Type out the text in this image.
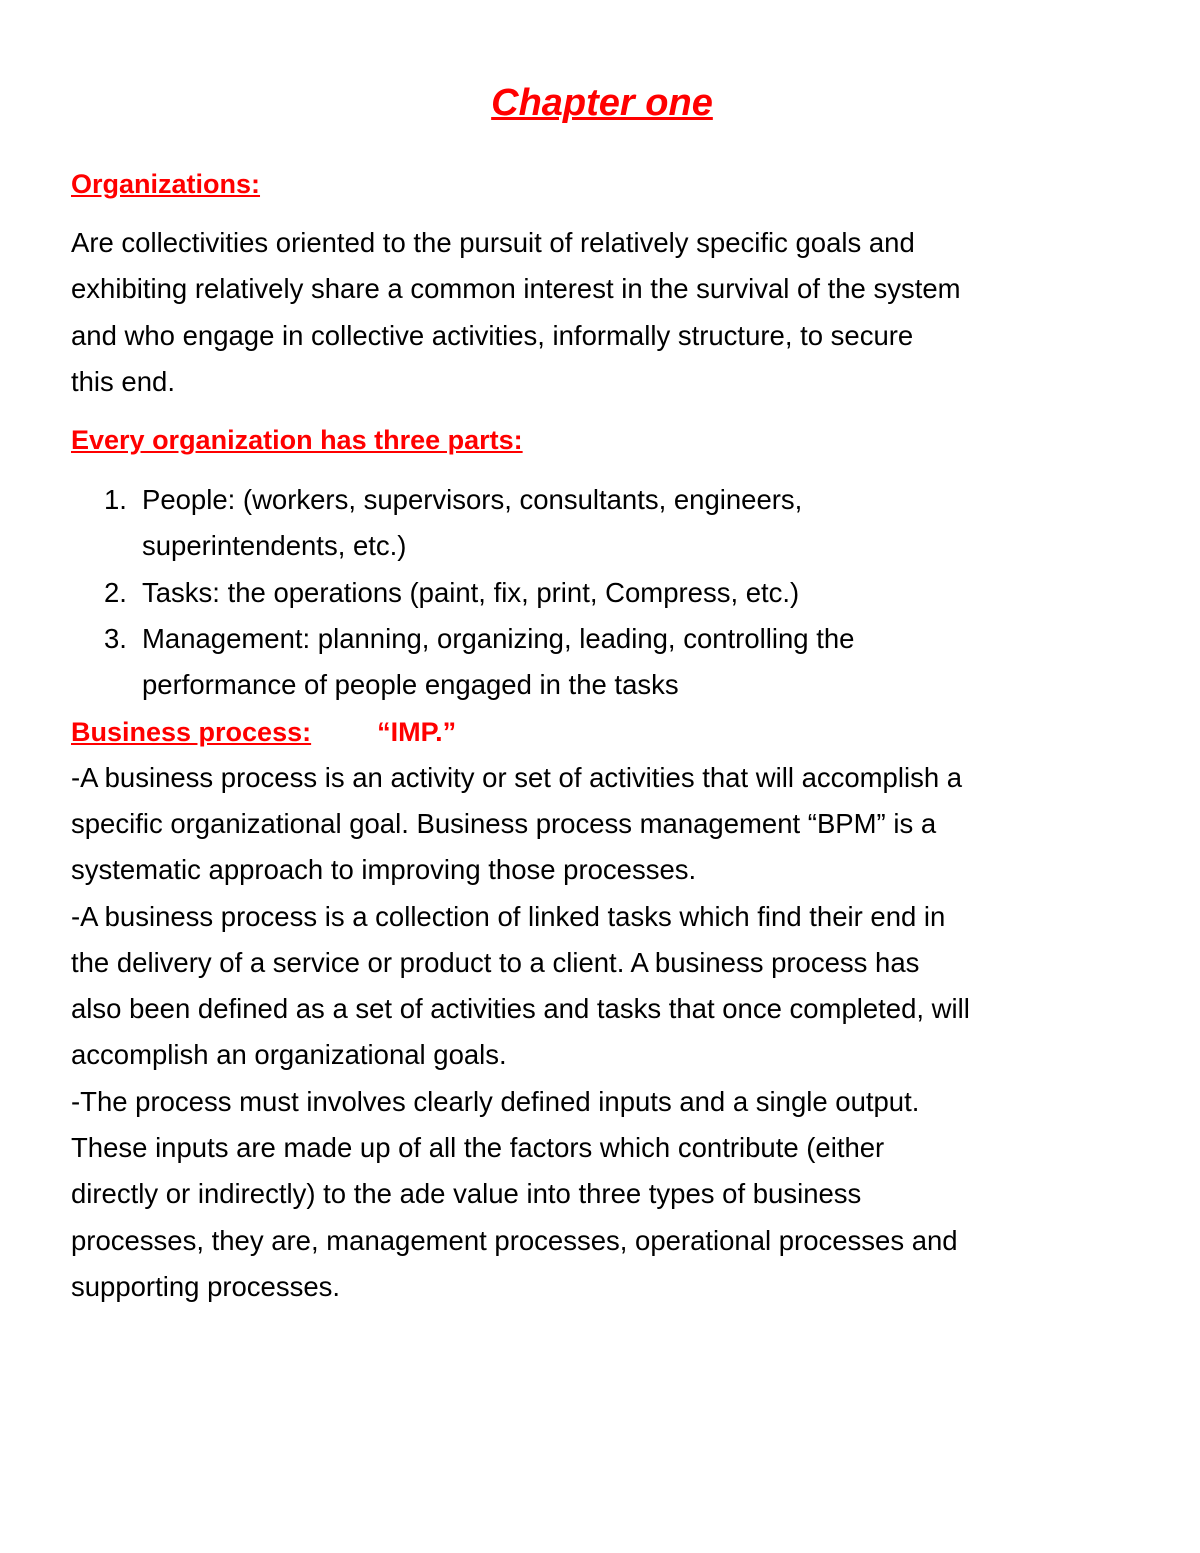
Chapter one

Organizations:

Are collectivities oriented to the pursuit of relatively specific goals and
exhibiting relatively share a common interest in the survival of the system
and who engage in collective activities, informally structure, to secure
this end.

Every organization has three parts:

1. People: (workers, supervisors, consultants, engineers,
superintendents, etc.)
2. Tasks: the operations (paint, fix, print, Compress, etc.)
3. Management: planning, organizing, leading, controlling the
performance of people engaged in the tasks

Business process: “IMP.”

-A business process is an activity or set of activities that will accomplish a
specific organizational goal. Business process management “BPM” is a
systematic approach to improving those processes.
-A business process is a collection of linked tasks which find their end in
the delivery of a service or product to a client. A business process has
also been defined as a set of activities and tasks that once completed, will
accomplish an organizational goals.
-The process must involves clearly defined inputs and a single output.
These inputs are made up of all the factors which contribute (either
directly or indirectly) to the ade value into three types of business
processes, they are, management processes, operational processes and
supporting processes.
